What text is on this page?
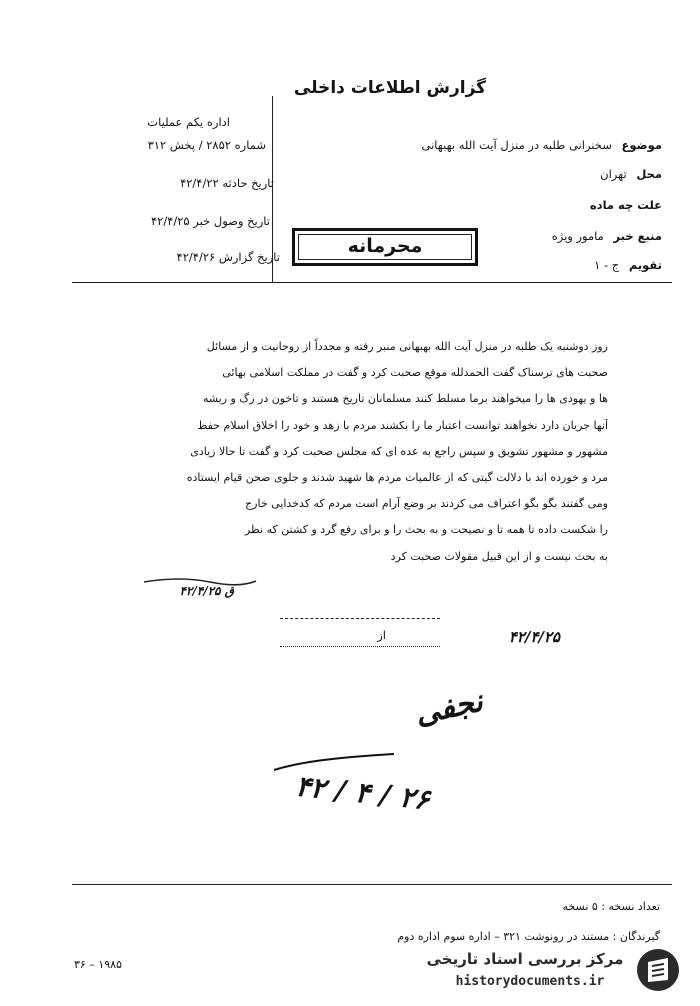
گزارش اطلاعات داخلی
اداره یکم عملیات
شماره ۲۸۵۲ / پخش ۳۱۲
تاریخ حادثه ۴۲/۴/۲۲
تاریخ وصول خبر ۴۲/۴/۲۵
تاریخ گزارش ۴۲/۴/۲۶
موضوع سخنرانی طلبه در منزل آیت الله بهبهانی
محل تهران
علت چه ماده
منبع خبر مامور ویژه
تقویم ج - ۱
محرمانه
روز دوشنبه یک طلبه در منزل آیت الله بهبهانی منبر رفته و مجدداً از روحانیت و از مسائل
صحبت های ترسناک گفت الحمدلله موقع صحبت کرد و گفت در مملکت اسلامی بهائی
ها و یهودی ها را میخواهند برما مسلط کنند مسلمانان تاریخ هستند و تاخون در رگ و ریشه
آنها جریان دارد نخواهند توانست اعتبار ما را بکشند مردم با زهد و خود را اخلاق اسلام حفظ
مشهور و مشهور تشویق و سپس راجع به عده ای که مجلس صحبت کرد و گفت تا حالا زیادی
مرد و خورده اند با دلالت گیتی که از عالمیات مردم ها شهید شدند و جلوی صحن قیام ایستاده
ومی گفتند بگو بگو اعتراف می کردند بر وضع آرام است مردم که کدخدایی خارج
را شکست داده تا همه تا و نصیحت و به بحث را و برای رفع گرد و کشتن که نظر
به بحث نیست و از این قبیل مقولات صحبت کرد
ق ۴۲/۴/۲۵
از	۴۲/۴/۲۵
نجفی
۲۶ / ۴ / ۴۲
تعداد نسخه : ۵ نسخه
گیرندگان : مستند در رونوشت ۳۲۱ – اداره سوم اداره دوم
۳۶ – ۱۹۸۵	مرکز بررسی اسناد تاریخی
historydocuments.ir
